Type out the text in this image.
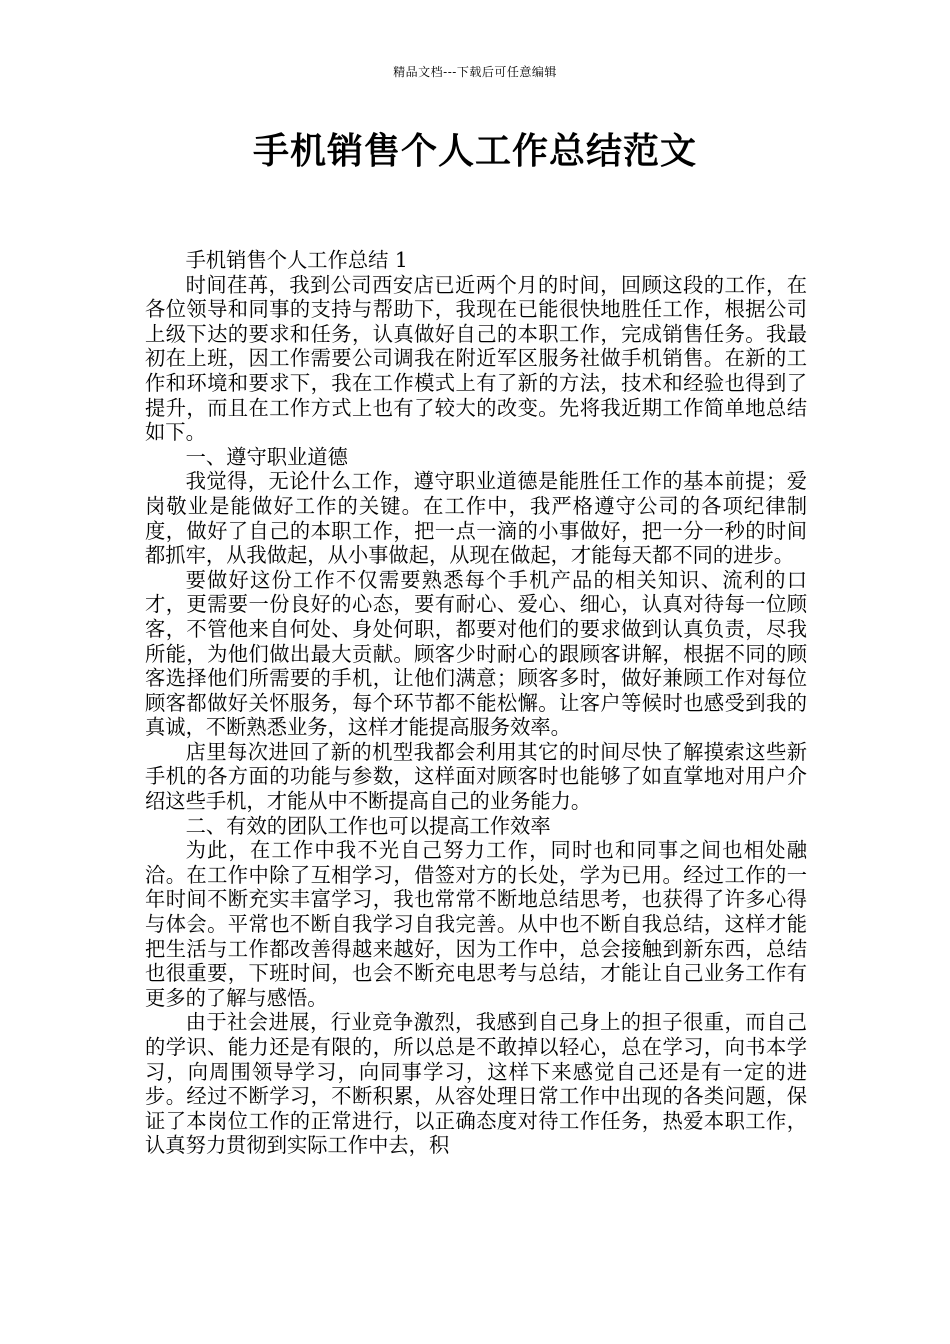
精品文档---下载后可任意编辑
手机销售个人工作总结范文

手机销售个人工作总结 1

时间荏苒，我到公司西安店已近两个月的时间，回顾这段的工作，在各位领导和同事的支持与帮助下，我现在已能很快地胜任工作，根据公司上级下达的要求和任务，认真做好自己的本职工作，完成销售任务。我最初在上班，因工作需要公司调我在附近军区服务社做手机销售。在新的工作和环境和要求下，我在工作模式上有了新的方法，技术和经验也得到了提升，而且在工作方式上也有了较大的改变。先将我近期工作简单地总结如下。

一、遵守职业道德

我觉得，无论什么工作，遵守职业道德是能胜任工作的基本前提；爱岗敬业是能做好工作的关键。在工作中，我严格遵守公司的各项纪律制度，做好了自己的本职工作，把一点一滴的小事做好，把一分一秒的时间都抓牢，从我做起，从小事做起，从现在做起，才能每天都不同的进步。

要做好这份工作不仅需要熟悉每个手机产品的相关知识、流利的口才，更需要一份良好的心态，要有耐心、爱心、细心，认真对待每一位顾客，不管他来自何处、身处何职，都要对他们的要求做到认真负责，尽我所能，为他们做出最大贡献。顾客少时耐心的跟顾客讲解，根据不同的顾客选择他们所需要的手机，让他们满意；顾客多时，做好兼顾工作对每位顾客都做好关怀服务，每个环节都不能松懈。让客户等候时也感受到我的真诚，不断熟悉业务，这样才能提高服务效率。

店里每次进回了新的机型我都会利用其它的时间尽快了解摸索这些新手机的各方面的功能与参数，这样面对顾客时也能够了如直掌地对用户介绍这些手机，才能从中不断提高自己的业务能力。

二、有效的团队工作也可以提高工作效率

为此，在工作中我不光自己努力工作，同时也和同事之间也相处融洽。在工作中除了互相学习，借签对方的长处，学为已用。经过工作的一年时间不断充实丰富学习，我也常常不断地总结思考，也获得了许多心得与体会。平常也不断自我学习自我完善。从中也不断自我总结，这样才能把生活与工作都改善得越来越好，因为工作中，总会接触到新东西，总结也很重要，下班时间，也会不断充电思考与总结，才能让自己业务工作有更多的了解与感悟。

由于社会进展，行业竞争激烈，我感到自己身上的担子很重，而自己的学识、能力还是有限的，所以总是不敢掉以轻心，总在学习，向书本学习，向周围领导学习，向同事学习，这样下来感觉自己还是有一定的进步。经过不断学习，不断积累，从容处理日常工作中出现的各类问题，保证了本岗位工作的正常进行，以正确态度对待工作任务，热爱本职工作，认真努力贯彻到实际工作中去，积
